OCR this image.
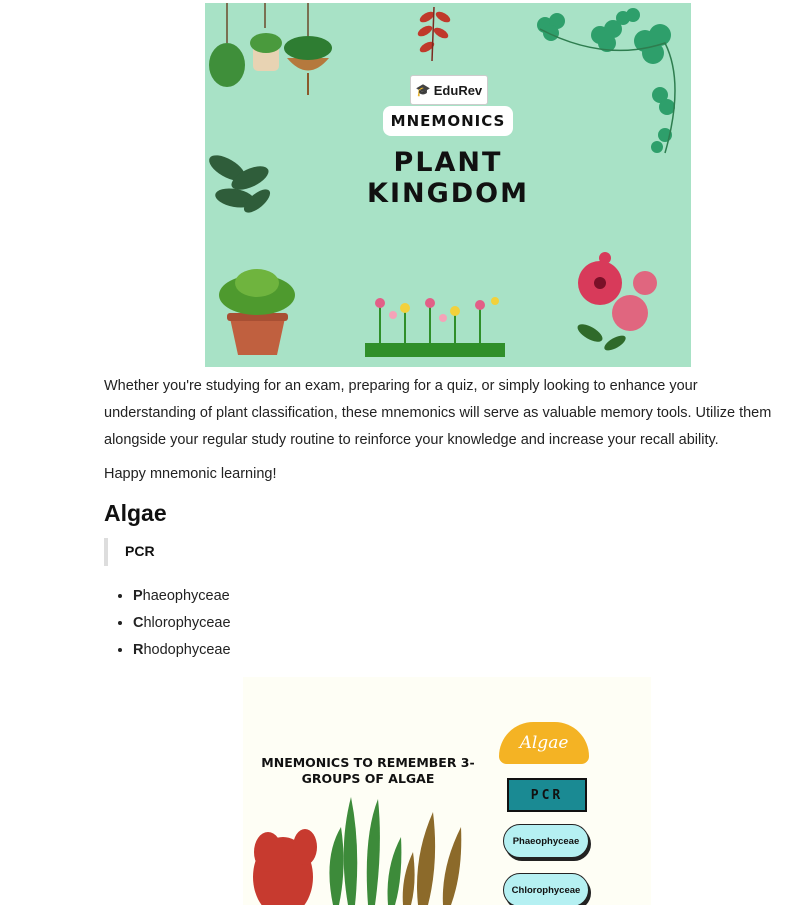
🎓 EduRev
MNEMONICS
PLANT
KINGDOM

Whether you're studying for an exam, preparing for a quiz, or simply looking to enhance your understanding of plant classification, these mnemonics will serve as valuable memory tools. Utilize them alongside your regular study routine to reinforce your knowledge and increase your recall ability.

Happy mnemonic learning!

Algae
PCR
• Phaeophyceae
• Chlorophyceae
• Rhodophyceae
MNEMONICS TO REMEMBER 3-GROUPS OF ALGAE
Algae
PCR
Phaeophyceae
Chlorophyceae
